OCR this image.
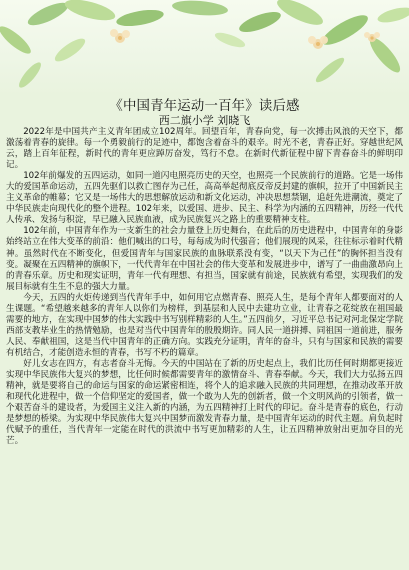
《中国青年运动一百年》读后感
西二旗小学 刘晓飞

2022年是中国共产主义青年团成立102周年。回望百年，青春向党，每一次搏击风浪的天空下，都激荡着青春的旋律。每一个勇毅前行的足迹中，都饱含着奋斗的艰辛。时光不老，青春正好。穿越世纪风云，踏上百年征程，新时代的青年更应踔厉奋发，笃行不怠。在新时代新征程中留下青春奋斗的鲜明印记。

102年前爆发的五四运动，如同一道闪电照亮历史的天空，也照亮一个民族前行的道路。它是一场伟大的爱国革命运动，五四先驱们以救亡图存为己任，高高举起彻底反帝反封建的旗帜，拉开了中国新民主主义革命的帷幕；它又是一场伟大的思想解放运动和新文化运动，冲决思想禁锢，追赶先进潮流，奠定了中华民族走向现代化的整个进程。102年来，以爱国、进步、民主、科学为内涵的五四精神，历经一代代人传承、发扬与积淀，早已融入民族血液，成为民族复兴之路上的重要精神支柱。

102年前，中国青年作为一支新生的社会力量登上历史舞台，在此后的历史进程中，中国青年的身影始终站立在伟大变革的前沿：他们喊出的口号，每每成为时代强音；他们展现的风采，往往标示着时代精神。虽然时代在不断变化，但爱国青年与国家民族的血脉联系没有变，“以天下为己任”的胸怀担当没有变。凝聚在五四精神的旗帜下，一代代青年在中国社会的伟大变革和发展进步中，谱写了一曲曲激昂向上的青春乐章。历史和现实证明，青年一代有理想、有担当，国家就有前途，民族就有希望，实现我们的发展目标就有生生不息的强大力量。

今天，五四的火炬传递到当代青年手中，如何用它点燃青春、照亮人生，是每个青年人都要面对的人生课题。“希望越来越多的青年人以你们为榜样，到基层和人民中去建功立业，让青春之花绽放在祖国最需要的地方，在实现中国梦的伟大实践中书写别样精彩的人生。”五四前夕，习近平总书记对河北保定学院西部支教毕业生的热情勉励，也是对当代中国青年的殷殷期许。同人民一道拼搏、同祖国一道前进，服务人民、奉献祖国，这是当代中国青年的正确方向。实践充分证明，青年的奋斗，只有与国家和民族的需要有机结合，才能创造永恒的青春，书写不朽的篇章。

好儿女志在四方，有志者奋斗无悔。今天的中国站在了新的历史起点上，我们比历任何时期都更接近实现中华民族伟大复兴的梦想，比任何时候都需要青年的激情奋斗、青春奉献。今天，我们大力弘扬五四精神，就是要将自己的命运与国家的命运紧密相连，将个人的追求融入民族的共同理想，在推动改革开放和现代化进程中，做一个信仰坚定的爱国者，做一个敢为人先的创新者，做一个文明风尚的引领者，做一个艰苦奋斗的建设者，为爱国主义注入新的内涵，为五四精神打上时代的印记。奋斗是青春的底色，行动是梦想的桥梁。为实现中华民族伟大复兴中国梦而激发青春力量，是中国青年运动的时代主题。肩负起时代赋予的重任，当代青年一定能在时代的洪流中书写更加精彩的人生，让五四精神放射出更加夺目的光芒。
